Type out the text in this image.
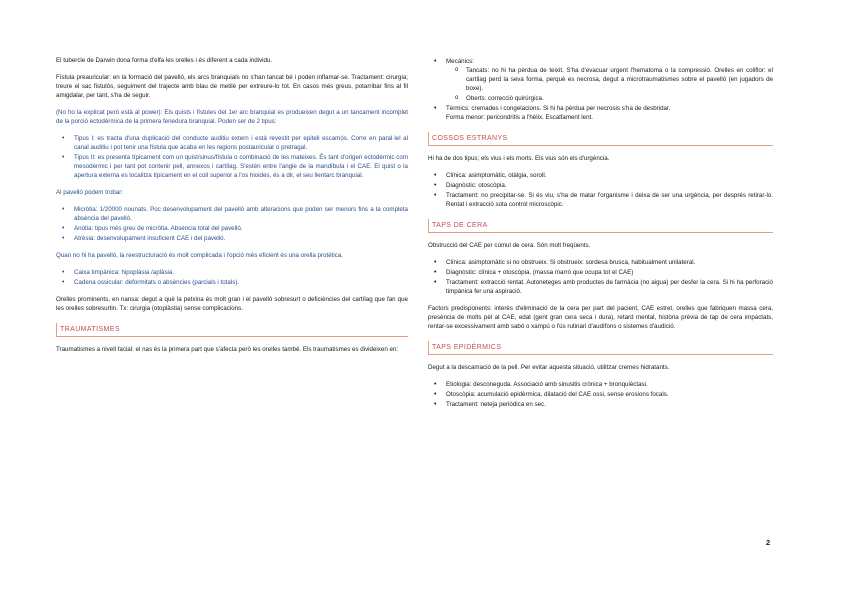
El tubercle de Darwin dona forma d'elfa les orelles i és diferent a cada individu.

Fístula preauricular: en la formació del pavelló, els arcs branquials no s'han tancat bé i poden inflamar-se. Tractament: cirurgia; treure el sac fistulós, seguiment del trajecte amb blau de metilè per extreure-lo tot. En casos més greus, potarribar fins al fil amigdalar, per tant, s'ha de seguir.

(No ho la explicat però està al power): Els quists i fístules del 1er arc branquial es produeixen degut a un tancament incomplet de la porció ectodèrmica de la primera fenedura branquial. Poden ser de 2 tipus:

• Tipus I: es tracta d'una duplicació del conducte auditiu extern i està revestit per epiteli escamós. Corre en paral·lel al canal auditiu i pot tenir una fístula que acaba en les regions postauricular o pretragal.
• Tipus II: es presenta típicament com un quist/sinus/fístula o combinació de les mateixes. És tant d'origen ectodèrmic com mesodèrmic i per tant pot contenir pell, annexos i cartílag. S'estén entre l'angle de la mandíbula i el CAE. El quist o la apertura externa es localitza típicament en el coll superior a l'os hioides, és a dir, el seu llentarc branquial.

Al pavelló podem trobar:

• Micròtia: 1/20000 nounats. Poc desenvolupament del pavelló amb alteracions que poden ser menors fins a la completa absència del pavelló.
• Anòtia: tipus més greu de micròtia. Absència total del pavelló.
• Atrèsia: desenvolupament insuficient CAE i del pavelló.

Quan no hi ha pavelló, la reestructuració és molt complicada i l'opció més eficient és una orella protètica.

• Caixa timpànica: hipoplàsia /aplàsia.
• Cadena ossicular: deformitats o absències (parcials i totals).

Orelles prominents, en nansa: degut a què la petxina és molt gran i el pavelló sobresurt o deficiències del cartílag que fan que les orelles sobresurtin. Tx: cirurgia (otoplàstia) sense complicacions.

TRAUMATISMES

Traumatismes a nivell facial: el nas és la primera part que s'afecta però les orelles també. Els traumatismes es divideixen en:

• Mecànics:
o Tancats: no hi ha pèrdua de teixit. S'ha d'evacuar urgent l'hematoma o la compressió. Orelles en coliflor: el cartílag perd la seva forma, perquè es necrosa, degut a microtraumatismes sobre el pavelló (en jugadors de boxe).
o Oberts: correcció quirúrgica.
• Tèrmics: cremades i congelacions. Si hi ha pèrdua per necrosis s'ha de desbridar.
Forma menor: pericondritis a l'hèlix. Escalfament lent.
COSSOS ESTRANYS

Hi ha de dos tipus; els vius i els morts. Els vius són els d'urgència.

• Clínica: asimptomàtic, otàlgia, soroll.
• Diagnòstic: otoscòpia.
• Tractament: no precipitar-se. Si és viu, s'ha de matar l'organisme i deixa de ser una urgència, per després retirar-lo. Rentat i extracció sota control microscòpic.
TAPS DE CERA

Obstrucció del CAE per cúmul de cera. Són molt freqüents.

• Clínica: asimptomàtic si no obstrueix. Si obstrueix: sordesa brusca, habitualment unilateral.
• Diagnòstic: clínica + otoscòpia. (massa marró que ocupa tot el CAE)
• Tractament: extracció rentat. Autoneteges amb productes de farmàcia (no aigua) per desfer la cera. Si hi ha perforació timpànica fer una aspiració.

Factors predisponents: interès d'eliminació de la cera per part del pacient, CAE estret, orelles que fabriquen massa cera, presència de molts pèl al CAE, edat (gent gran cera seca i dura), retard mental, història prèvia de tap de cera impactats, rentar-se excessivament amb sabó o xampú o l'ús rutinari d'audífons o sistemes d'audició.

TAPS EPIDÈRMICS

Degut a la descamació de la pell. Per evitar aquesta situació, utilitzar cremes hidratants.

• Etiologia: desconeguda. Associació amb sinusitis crònica + bronquièctasi.
• Otoscòpia: acumulació epidèrmica, dilatació del CAE ossi, sense erosions focals.
• Tractament: neteja periòdica en sec.
2
